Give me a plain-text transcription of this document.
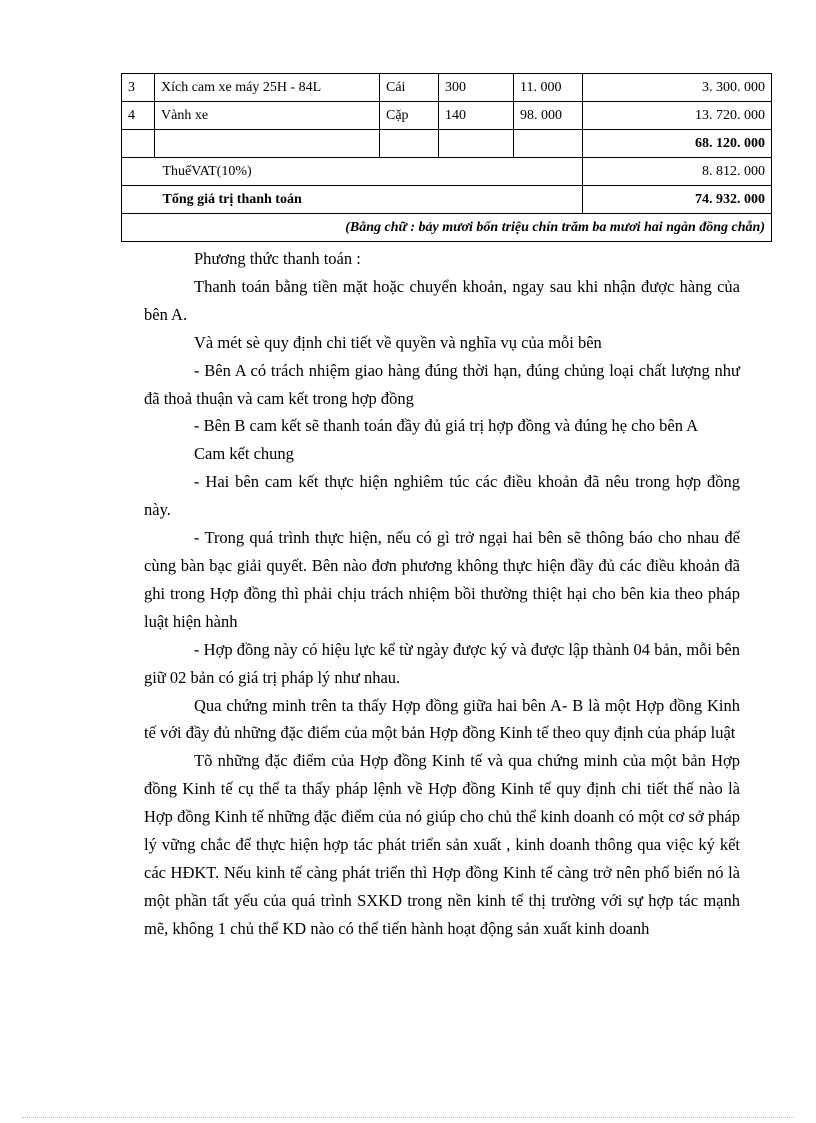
3	Xích cam xe máy 25H - 84L	Cái	300	11. 000	3. 300. 000
4	Vành xe	Cặp	140	98. 000	13. 720. 000
					68. 120. 000
	ThuếVAT(10%)				8. 812. 000
	Tổng giá trị thanh toán				74. 932. 000
(Bằng chữ : bảy mươi bốn triệu chín trăm ba mươi hai ngàn đồng chẵn)					

Phương thức thanh toán :

Thanh toán bằng tiền mặt hoặc chuyển khoản, ngay sau khi nhận được hàng của bên A.

Và mét sè quy định chi tiết về quyền và nghĩa vụ của mỗi bên

- Bên A có trách nhiệm giao hàng đúng thời hạn, đúng chủng loại chất lượng như đã thoả thuận và cam kết trong hợp đồng

- Bên B cam kết sẽ thanh toán đầy đủ giá trị hợp đồng và đúng hẹ cho bên A

Cam kết chung

- Hai bên cam kết thực hiện nghiêm túc các điều khoản đã nêu trong hợp đồng này.

- Trong quá trình thực hiện, nếu có gì trở ngại hai bên sẽ thông báo cho nhau để cùng bàn bạc giải quyết. Bên nào đơn phương không thực hiện đầy đủ các điều khoản đã ghi trong Hợp đồng thì phải chịu trách nhiệm bồi thường thiệt hại cho bên kia theo pháp luật hiện hành

- Hợp đồng này có hiệu lực kể từ ngày được ký và được lập thành 04 bản, mỗi bên giữ 02 bản có giá trị pháp lý như nhau.

Qua chứng minh trên ta thấy Hợp đồng giữa hai bên A- B là một Hợp đồng Kinh tế với đầy đủ những đặc điểm của một bản Hợp đồng Kinh tế theo quy định của pháp luật

Tõ những đặc điểm của Hợp đồng Kinh tế và qua chứng minh của một bản Hợp đồng Kinh tế cụ thể ta thấy pháp lệnh về Hợp đồng Kinh tế quy định chi tiết thế nào là Hợp đồng Kinh tế những đặc điểm của nó giúp cho chủ thể kinh doanh có một cơ sở pháp lý vững chắc để thực hiện hợp tác phát triển sản xuất , kinh doanh thông qua việc ký kết các HĐKT. Nếu kinh tế càng phát triển thì Hợp đồng Kinh tế càng trở nên phổ biến nó là một phần tất yếu của quá trình SXKD trong nền kinh tế thị trường với sự hợp tác mạnh mẽ, không 1 chủ thể KD nào có thể tiến hành hoạt động sản xuất kinh doanh
